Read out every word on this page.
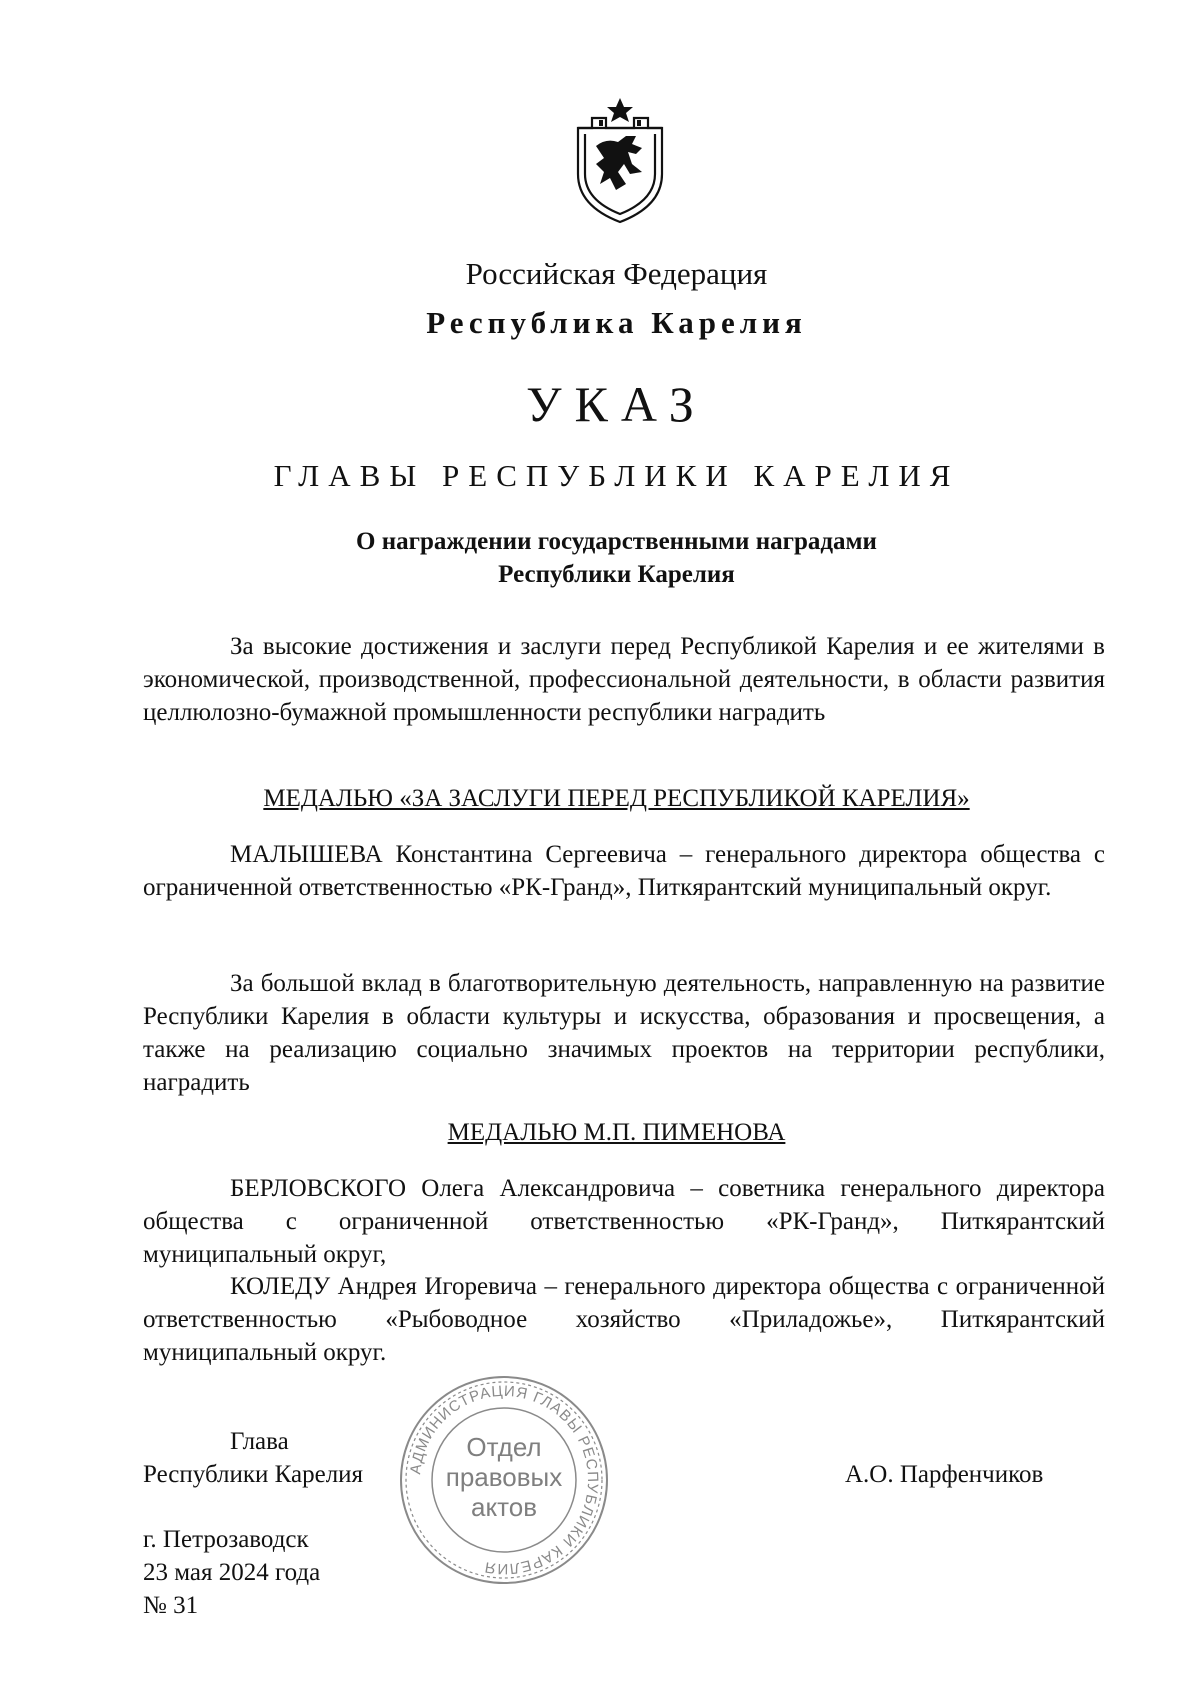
Российская Федерация
Республика Карелия
УКАЗ
ГЛАВЫ РЕСПУБЛИКИ КАРЕЛИЯ
О награждении государственными наградами
Республики Карелия
За высокие достижения и заслуги перед Республикой Карелия и ее жителями в экономической, производственной, профессиональной деятельности, в области развития целлюлозно-бумажной промышленности республики наградить
МЕДАЛЬЮ «ЗА ЗАСЛУГИ ПЕРЕД РЕСПУБЛИКОЙ КАРЕЛИЯ»
МАЛЫШЕВА Константина Сергеевича – генерального директора общества с ограниченной ответственностью «РК-Гранд», Питкярантский муниципальный округ.
За большой вклад в благотворительную деятельность, направленную на развитие Республики Карелия в области культуры и искусства, образования и просвещения, а также на реализацию социально значимых проектов на территории республики, наградить
МЕДАЛЬЮ М.П. ПИМЕНОВА
БЕРЛОВСКОГО Олега Александровича – советника генерального директора общества с ограниченной ответственностью «РК-Гранд», Питкярантский муниципальный округ,
КОЛЕДУ Андрея Игоревича – генерального директора общества с ограниченной ответственностью «Рыбоводное хозяйство «Приладожье», Питкярантский муниципальный округ.
Глава
Республики Карелия	А.О. Парфенчиков
АДМИНИСТРАЦИЯ ГЛАВЫ РЕСПУБЛИКИ КАРЕЛИЯ
Отдел
правовых
актов
г. Петрозаводск
23 мая 2024 года
№ 31
